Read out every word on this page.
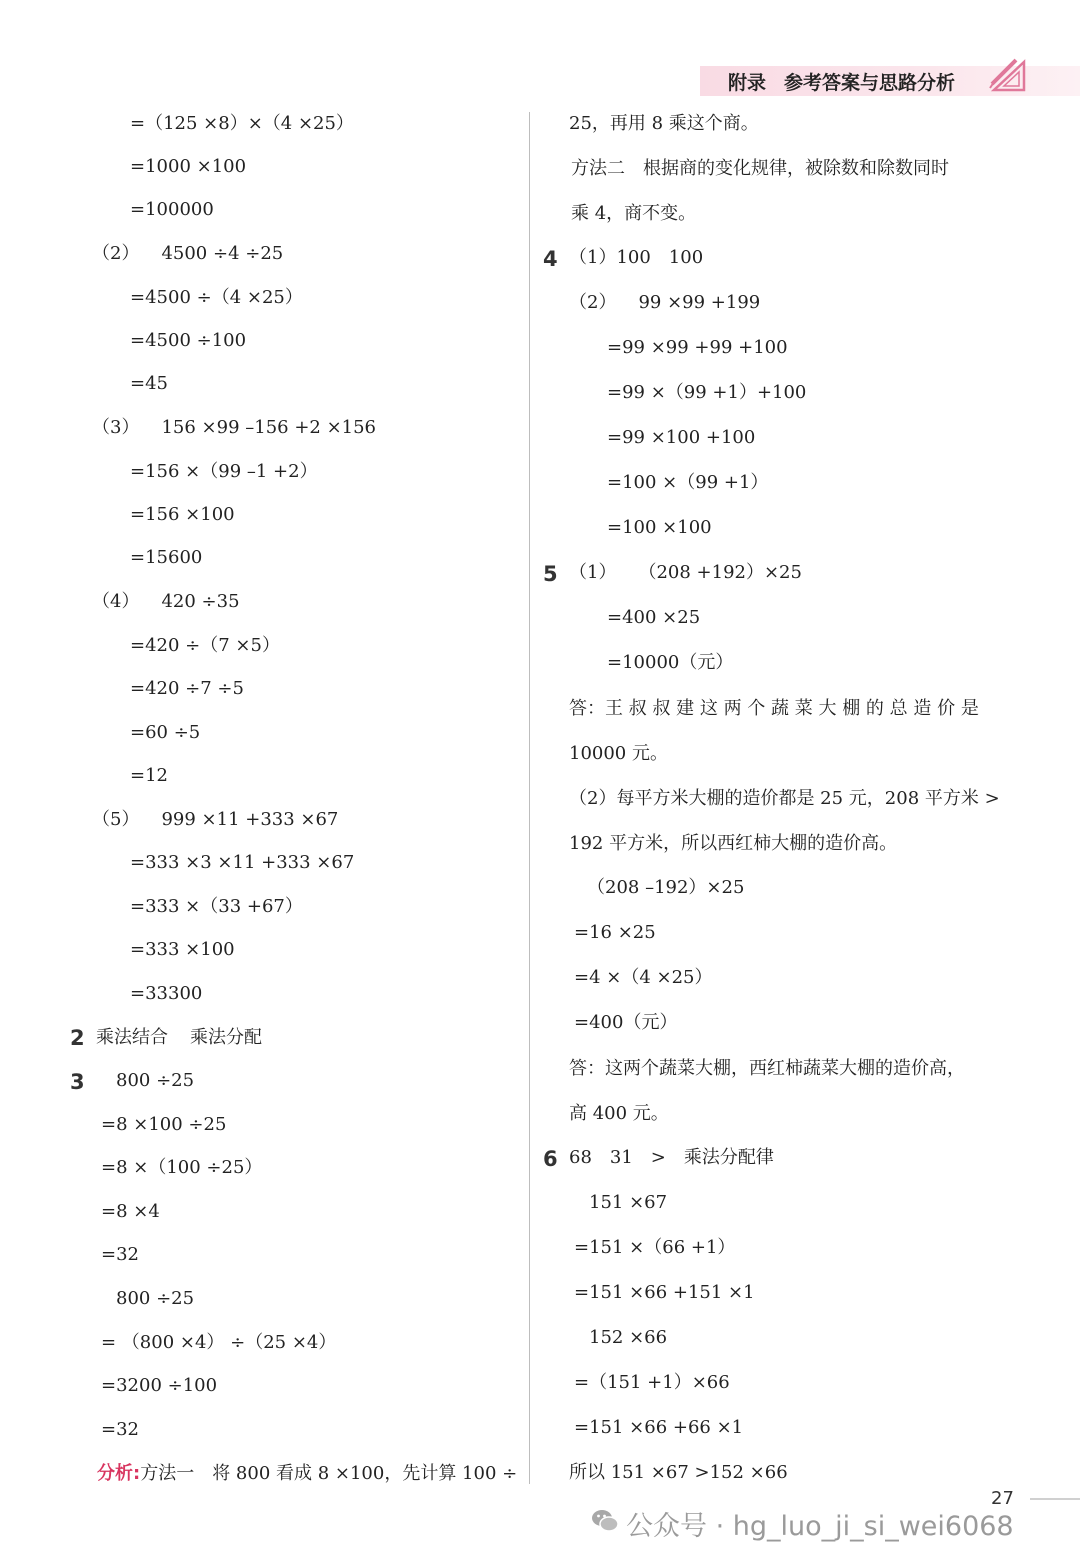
附录 参考答案与思路分析
=（125 ×8）×（4 ×25）
=1000 ×100
=100000
（2） 4500 ÷4 ÷25
=4500 ÷（4 ×25）
=4500 ÷100
=45
（3） 156 ×99 –156 +2 ×156
=156 ×（99 –1 +2）
=156 ×100
=15600
（4） 420 ÷35
=420 ÷（7 ×5）
=420 ÷7 ÷5
=60 ÷5
=12
（5） 999 ×11 +333 ×67
=333 ×3 ×11 +333 ×67
=333 ×（33 +67）
=333 ×100
=33300
2 乘法结合 乘法分配
3 800 ÷25
=8 ×100 ÷25
=8 ×（100 ÷25）
=8 ×4
=32
800 ÷25
= （800 ×4） ÷（25 ×4）
=3200 ÷100
=32
分析:方法一　将 800 看成 8 ×100，先计算 100 ÷
25，再用 8 乘这个商。
方法二　根据商的变化规律，被除数和除数同时
乘 4，商不变。
4 （1）100　100
（2） 99 ×99 +199
=99 ×99 +99 +100
=99 ×（99 +1）+100
=99 ×100 +100
=100 ×（99 +1）
=100 ×100
5 （1） （208 +192）×25
=400 ×25
=10000（元）
答：王 叔 叔 建 这 两 个 蔬 菜 大 棚 的 总 造 价 是
10000 元。
（2）每平方米大棚的造价都是 25 元，208 平方米 >
192 平方米，所以西红柿大棚的造价高。
（208 –192）×25
=16 ×25
=4 ×（4 ×25）
=400（元）
答：这两个蔬菜大棚，西红柿蔬菜大棚的造价高，
高 400 元。
6 68　31　>　乘法分配律
151 ×67
=151 ×（66 +1）
=151 ×66 +151 ×1
152 ×66
=（151 +1）×66
=151 ×66 +66 ×1
所以 151 ×67 >152 ×66
27
公众号 · hg_luo_ji_si_wei6068
